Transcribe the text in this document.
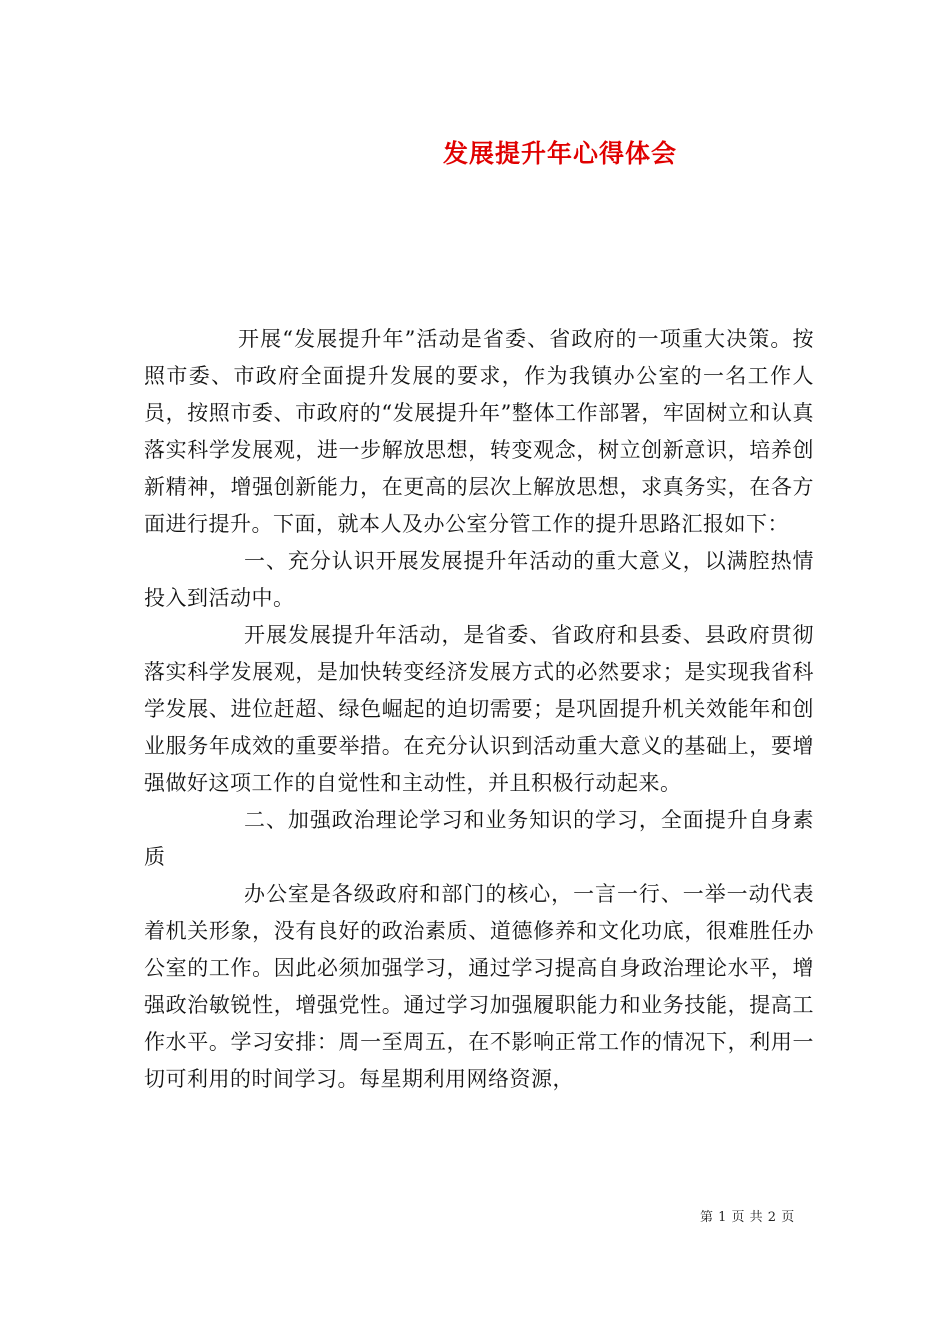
发展提升年心得体会

开展“发展提升年”活动是省委、省政府的一项重大决策。按照市委、市政府全面提升发展的要求，作为我镇办公室的一名工作人员，按照市委、市政府的“发展提升年”整体工作部署，牢固树立和认真落实科学发展观，进一步解放思想，转变观念，树立创新意识，培养创新精神，增强创新能力，在更高的层次上解放思想，求真务实，在各方面进行提升。下面，就本人及办公室分管工作的提升思路汇报如下：

一、充分认识开展发展提升年活动的重大意义，以满腔热情投入到活动中。

开展发展提升年活动，是省委、省政府和县委、县政府贯彻落实科学发展观，是加快转变经济发展方式的必然要求；是实现我省科学发展、进位赶超、绿色崛起的迫切需要；是巩固提升机关效能年和创业服务年成效的重要举措。在充分认识到活动重大意义的基础上，要增强做好这项工作的自觉性和主动性，并且积极行动起来。

二、加强政治理论学习和业务知识的学习，全面提升自身素质

办公室是各级政府和部门的核心，一言一行、一举一动代表着机关形象，没有良好的政治素质、道德修养和文化功底，很难胜任办公室的工作。因此必须加强学习，通过学习提高自身政治理论水平，增强政治敏锐性，增强党性。通过学习加强履职能力和业务技能，提高工作水平。学习安排：周一至周五，在不影响正常工作的情况下，利用一切可利用的时间学习。每星期利用网络资源，

第 1 页 共 2 页
